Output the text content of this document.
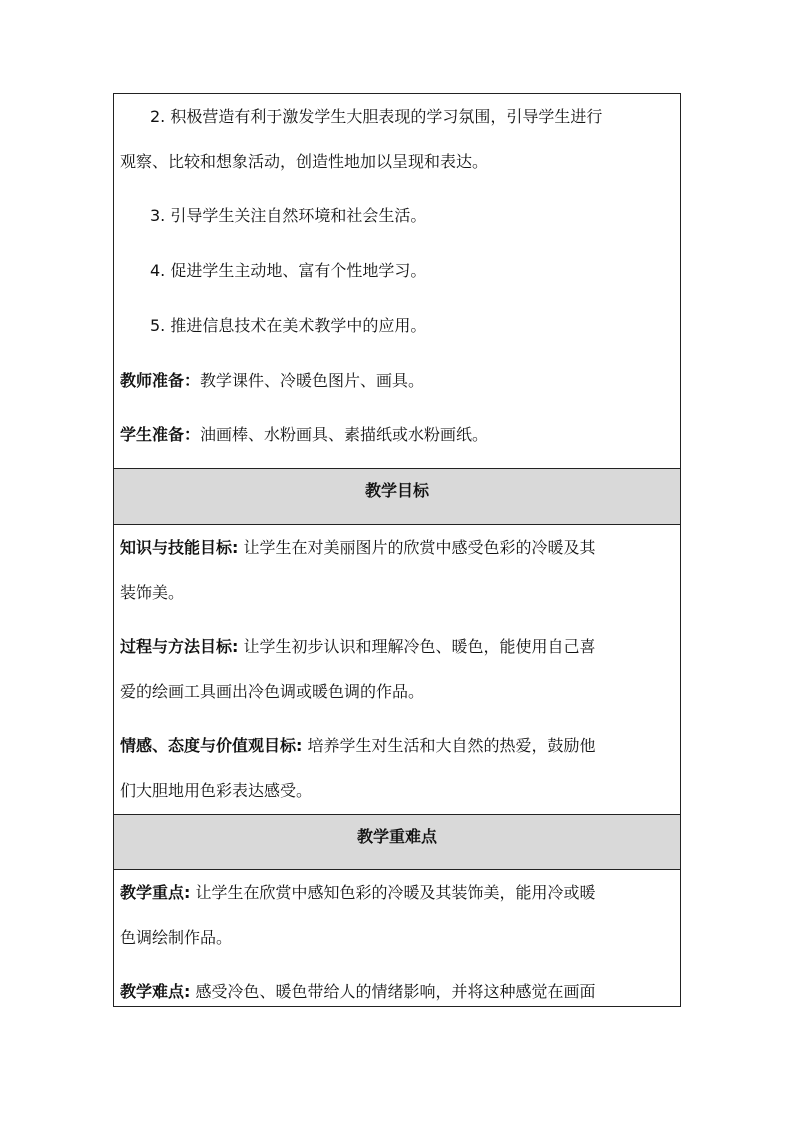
2. 积极营造有利于激发学生大胆表现的学习氛围，引导学生进行
观察、比较和想象活动，创造性地加以呈现和表达。
3. 引导学生关注自然环境和社会生活。
4. 促进学生主动地、富有个性地学习。
5. 推进信息技术在美术教学中的应用。
教师准备：教学课件、冷暖色图片、画具。
学生准备：油画棒、水粉画具、素描纸或水粉画纸。
教学目标
知识与技能目标: 让学生在对美丽图片的欣赏中感受色彩的冷暖及其
装饰美。
过程与方法目标: 让学生初步认识和理解冷色、暖色，能使用自己喜
爱的绘画工具画出冷色调或暖色调的作品。
情感、态度与价值观目标: 培养学生对生活和大自然的热爱，鼓励他
们大胆地用色彩表达感受。
教学重难点
教学重点: 让学生在欣赏中感知色彩的冷暖及其装饰美，能用冷或暖
色调绘制作品。
教学难点: 感受冷色、暖色带给人的情绪影响，并将这种感觉在画面
